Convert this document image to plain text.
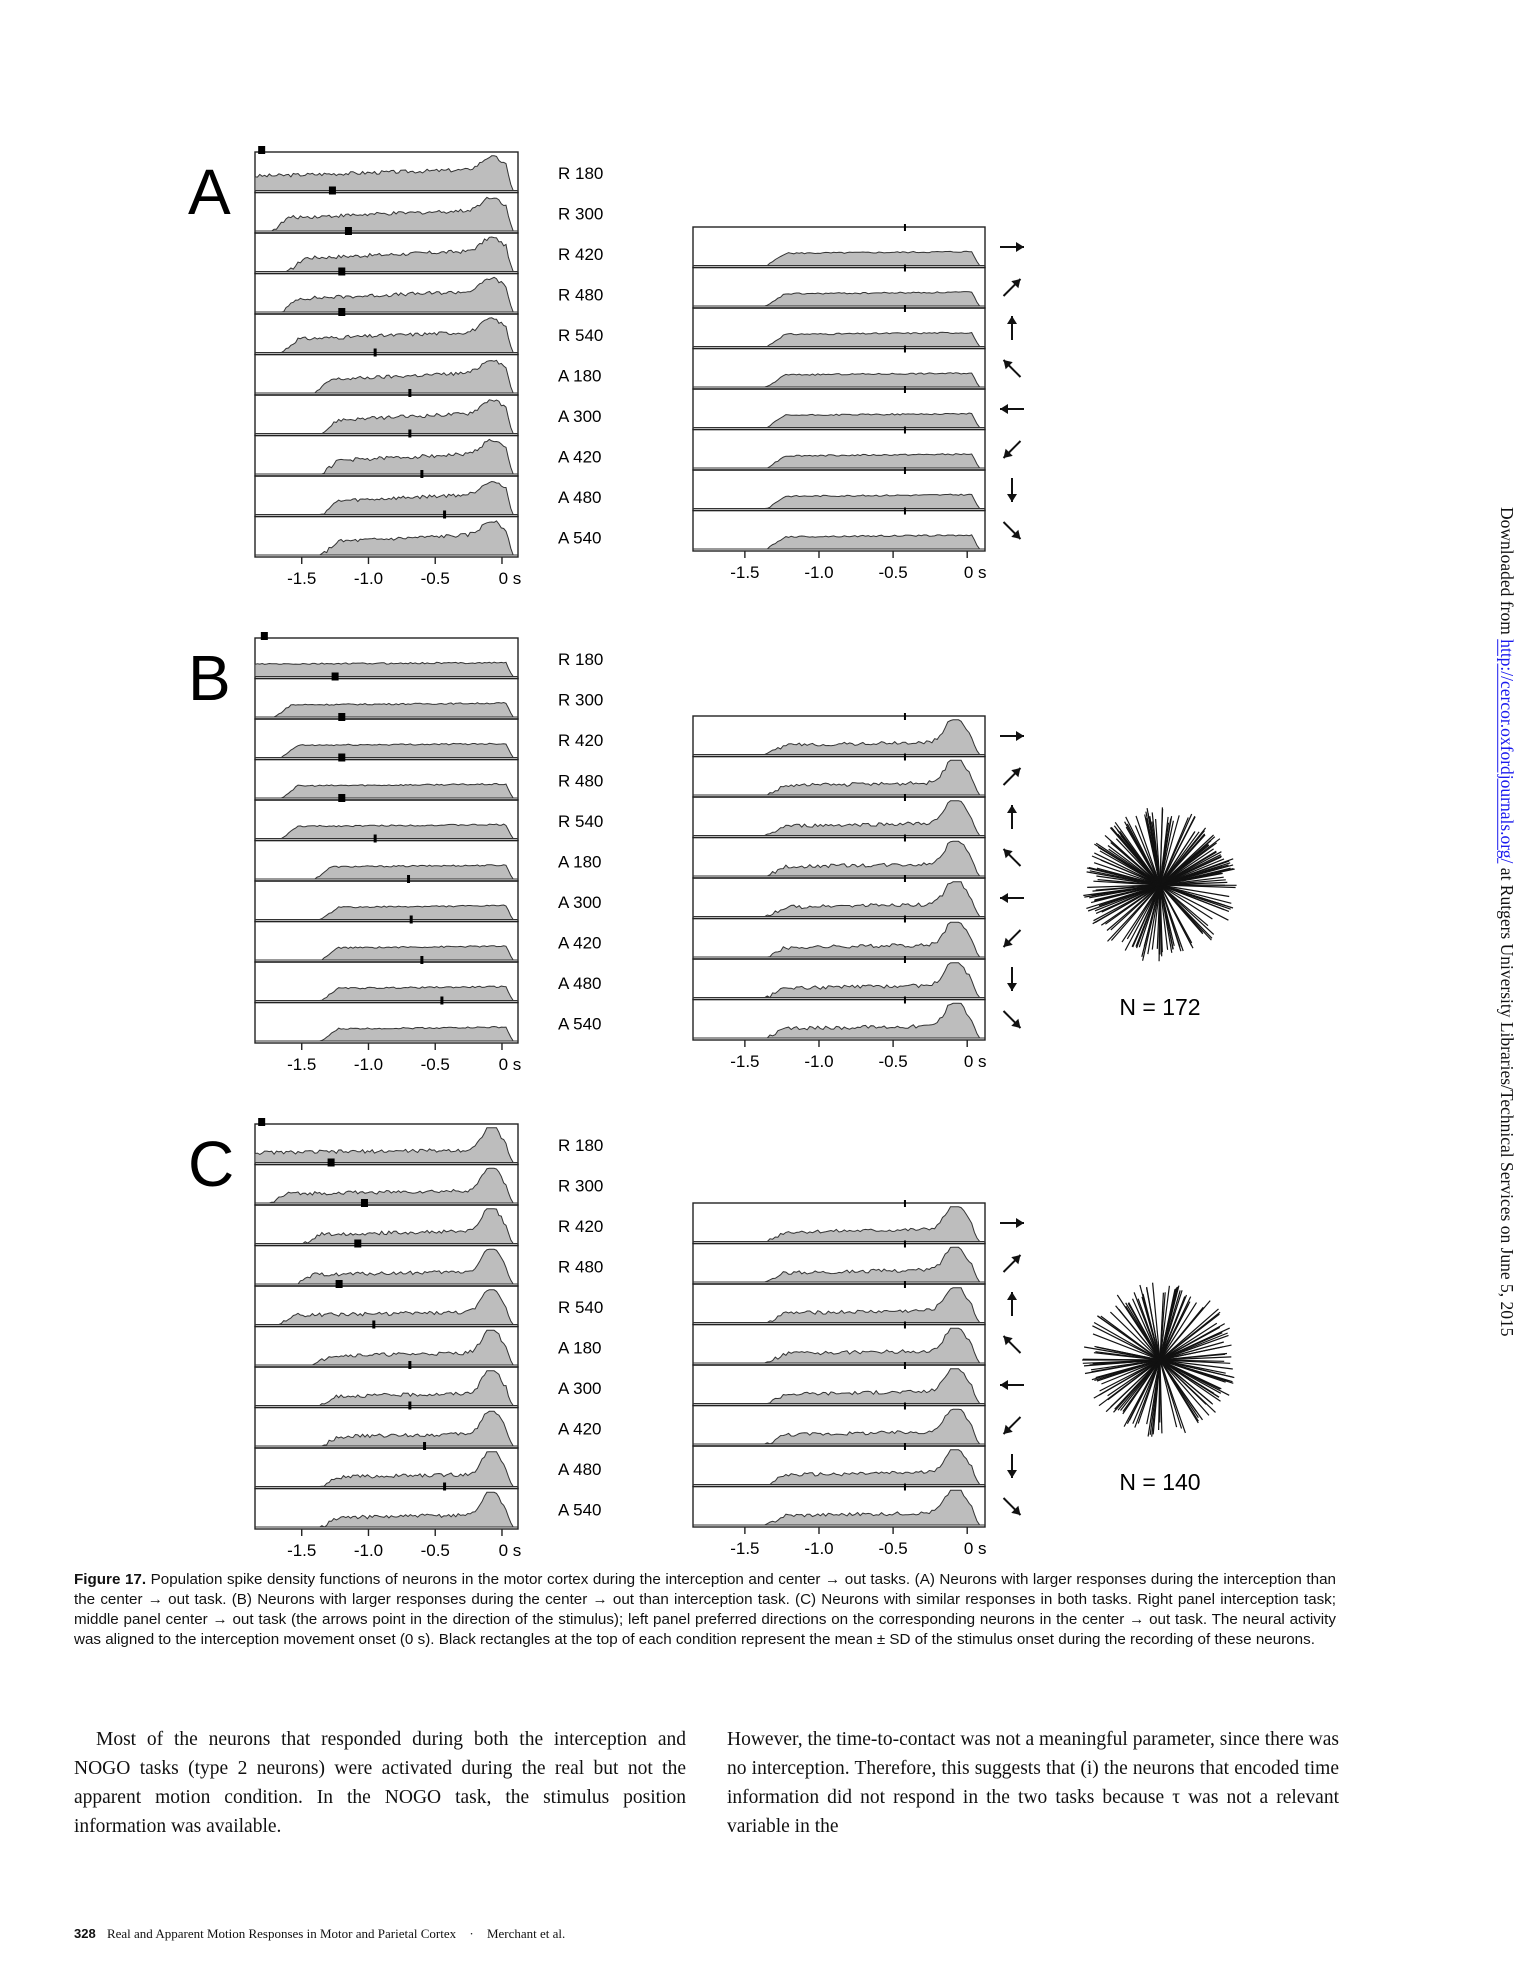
A	R 180
R 300
R 420
R 480
R 540
A 180
A 300
A 420
A 480
A 540
-1.5 -1.0 -0.5	0 s	-1.5	-1.0	-0.5	0 s
B	R 180
R 300
R 420
R 480
R 540
A 180
A 300
A 420
A 480
A 540
-1.5 -1.0 -0.5	0 s	-1.5	-1.0	-0.5	0 s
N = 172
C	R 180
R 300
R 420
R 480
R 540
A 180
A 300
A 420
A 480
A 540
-1.5 -1.0 -0.5	0 s	-1.5	-1.0	-0.5	0 s
N = 140
Figure 17. Population spike density functions of neurons in the motor cortex during the interception and center → out tasks. (A) Neurons with larger responses during the interception than the center → out task. (B) Neurons with larger responses during the center → out than interception task. (C) Neurons with similar responses in both tasks. Right panel interception task; middle panel center → out task (the arrows point in the direction of the stimulus); left panel preferred directions on the corresponding neurons in the center → out task. The neural activity was aligned to the interception movement onset (0 s). Black rectangles at the top of each condition represent the mean ± SD of the stimulus onset during the recording of these neurons.

Most of the neurons that responded during both the interception and NOGO tasks (type 2 neurons) were activated during the real but not the apparent motion condition. In the NOGO task, the stimulus position information was available.

However, the time-to-contact was not a meaningful parameter, since there was no interception. Therefore, this suggests that (i) the neurons that encoded time information did not respond in the two tasks because τ was not a relevant variable in the

328 Real and Apparent Motion Responses in Motor and Parietal Cortex · Merchant et al.
Downloaded from http://cercor.oxfordjournals.org/ at Rutgers University Libraries/Technical Services on June 5, 2015
